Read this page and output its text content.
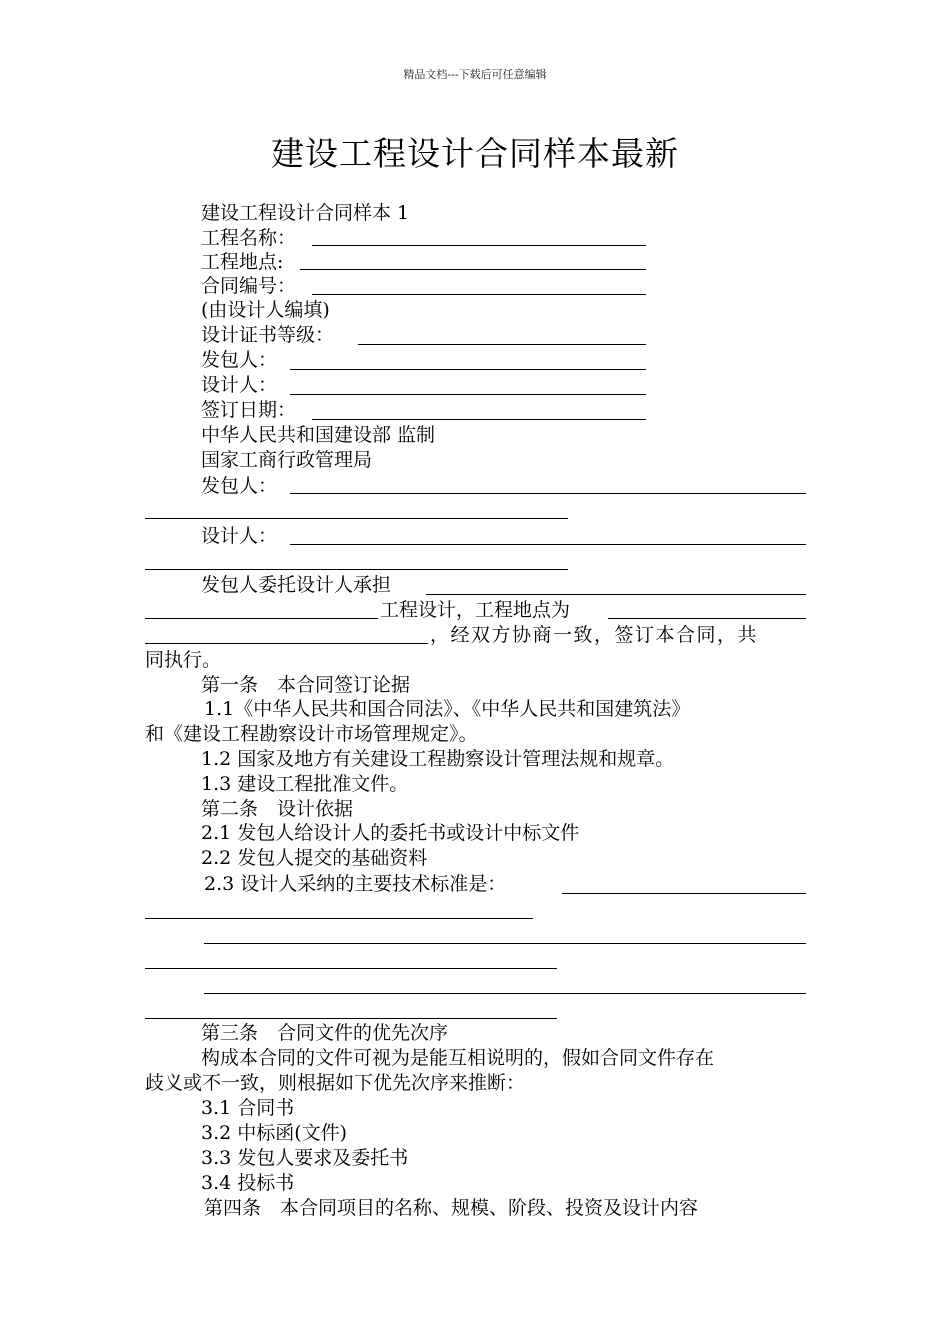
精品文档---下载后可任意编辑
建设工程设计合同样本最新
建设工程设计合同样本 1
工程名称：
工程地点:
合同编号：
(由设计人编填)
设计证书等级：
发包人：
设计人：
签订日期：
中华人民共和国建设部 监制
国家工商行政管理局
发包人：
设计人：
发包人委托设计人承担
工程设计，工程地点为
，经双方协商一致，签订本合同，共
同执行。
第一条　本合同签订论据
1.1《中华人民共和国合同法》、《中华人民共和国建筑法》
和《建设工程勘察设计市场管理规定》。
1.2 国家及地方有关建设工程勘察设计管理法规和规章。
1.3 建设工程批准文件。
第二条　设计依据
2.1 发包人给设计人的委托书或设计中标文件
2.2 发包人提交的基础资料
2.3 设计人采纳的主要技术标准是：
第三条　合同文件的优先次序
构成本合同的文件可视为是能互相说明的，假如合同文件存在
歧义或不一致，则根据如下优先次序来推断：
3.1 合同书
3.2 中标函(文件)
3.3 发包人要求及委托书
3.4 投标书
第四条　本合同项目的名称、规模、阶段、投资及设计内容
